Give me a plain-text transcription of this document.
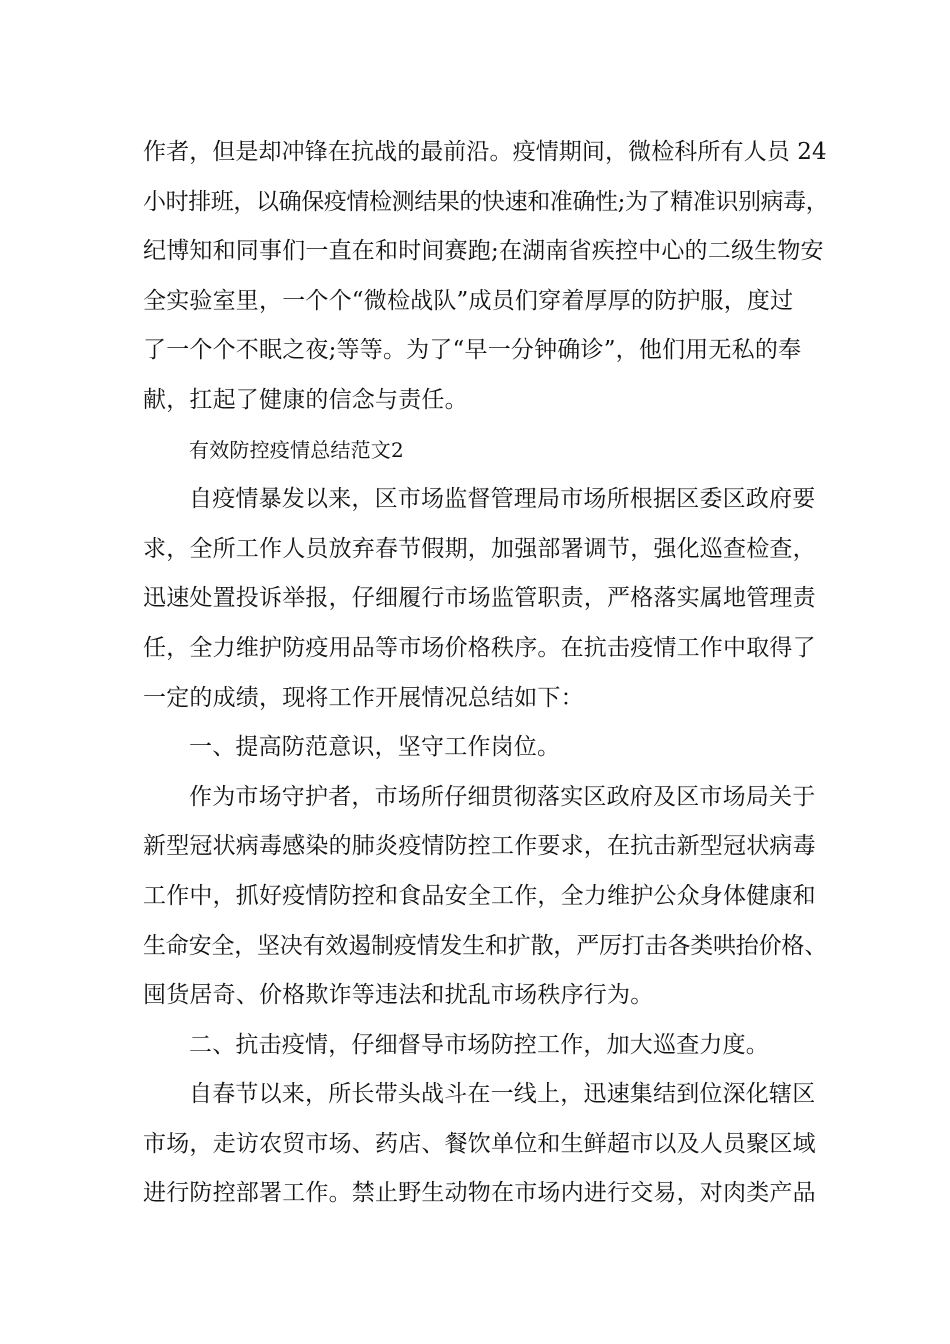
作者，但是却冲锋在抗战的最前沿。疫情期间，微检科所有人员 24
小时排班，以确保疫情检测结果的快速和准确性;为了精准识别病毒，
纪博知和同事们一直在和时间赛跑;在湖南省疾控中心的二级生物安
全实验室里，一个个“微检战队”成员们穿着厚厚的防护服，度过
了一个个不眠之夜;等等。为了“早一分钟确诊”，他们用无私的奉
献，扛起了健康的信念与责任。
有效防控疫情总结范文2
自疫情暴发以来，区市场监督管理局市场所根据区委区政府要
求，全所工作人员放弃春节假期，加强部署调节，强化巡查检查，
迅速处置投诉举报，仔细履行市场监管职责，严格落实属地管理责
任，全力维护防疫用品等市场价格秩序。在抗击疫情工作中取得了
一定的成绩，现将工作开展情况总结如下：
一、提高防范意识，坚守工作岗位。
作为市场守护者，市场所仔细贯彻落实区政府及区市场局关于
新型冠状病毒感染的肺炎疫情防控工作要求，在抗击新型冠状病毒
工作中，抓好疫情防控和食品安全工作，全力维护公众身体健康和
生命安全，坚决有效遏制疫情发生和扩散，严厉打击各类哄抬价格、
囤货居奇、价格欺诈等违法和扰乱市场秩序行为。
二、抗击疫情，仔细督导市场防控工作，加大巡查力度。
自春节以来，所长带头战斗在一线上，迅速集结到位深化辖区
市场，走访农贸市场、药店、餐饮单位和生鲜超市以及人员聚区域
进行防控部署工作。禁止野生动物在市场内进行交易，对肉类产品
